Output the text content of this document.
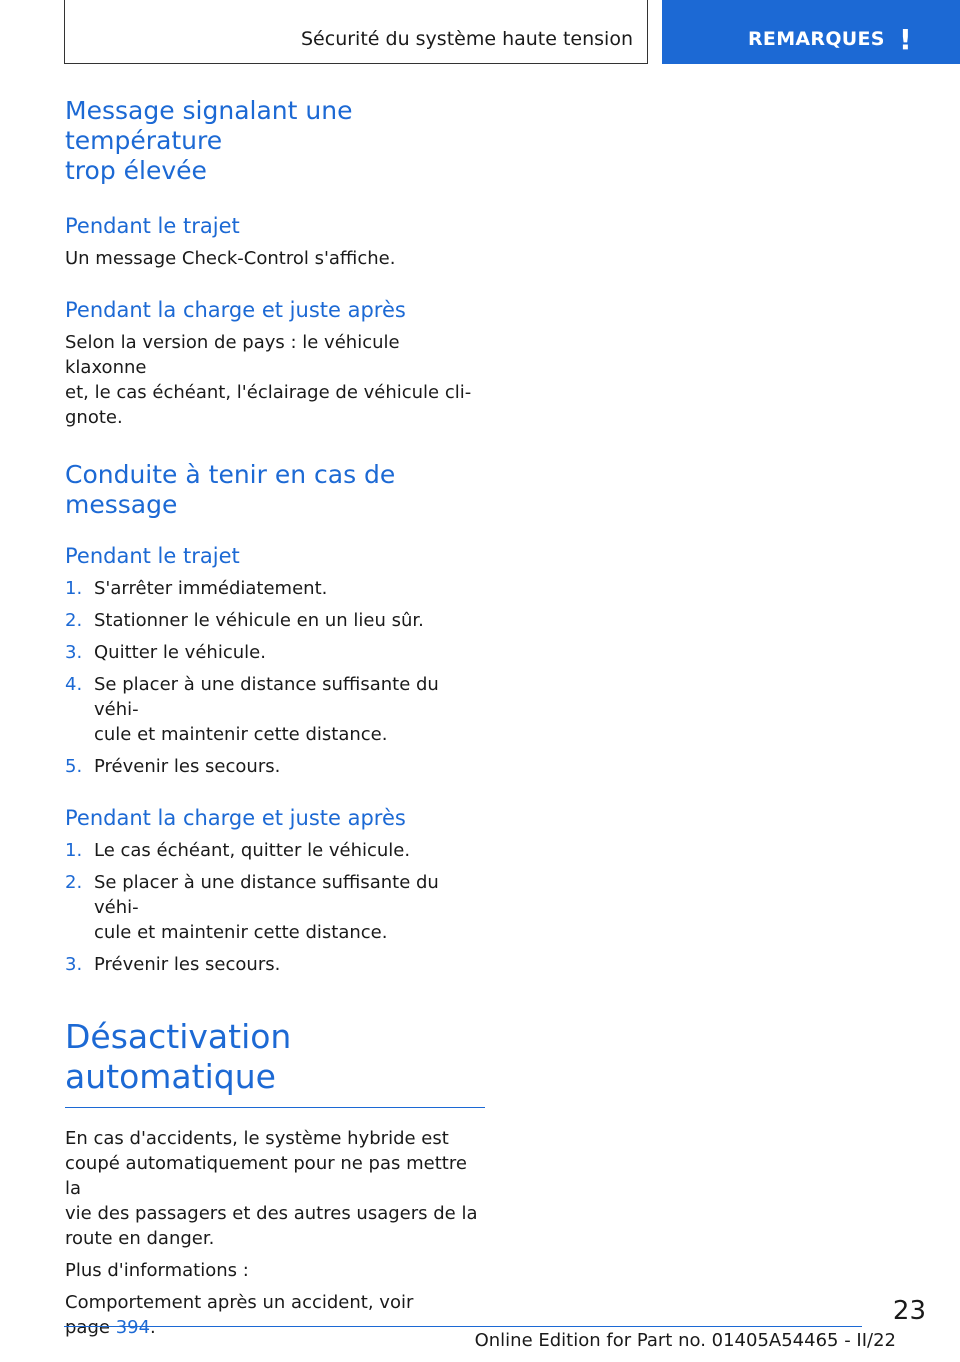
Sécurité du système haute tension	REMARQUES !
Message signalant une température
trop élevée
Pendant le trajet

Un message Check-Control s'affiche.

Pendant la charge et juste après

Selon la version de pays : le véhicule klaxonne
et, le cas échéant, l'éclairage de véhicule cli-
gnote.

Conduite à tenir en cas de message
Pendant le trajet
1. S'arrêter immédiatement.
2. Stationner le véhicule en un lieu sûr.
3. Quitter le véhicule.
4. Se placer à une distance suffisante du véhi-
cule et maintenir cette distance.
5. Prévenir les secours.
Pendant la charge et juste après
1. Le cas échéant, quitter le véhicule.
2. Se placer à une distance suffisante du véhi-
cule et maintenir cette distance.
3. Prévenir les secours.
Désactivation automatique

En cas d'accidents, le système hybride est
coupé automatiquement pour ne pas mettre la
vie des passagers et des autres usagers de la
route en danger.

Plus d'informations :

Comportement après un accident, voir
page 394.

23
Online Edition for Part no. 01405A54465 - II/22
